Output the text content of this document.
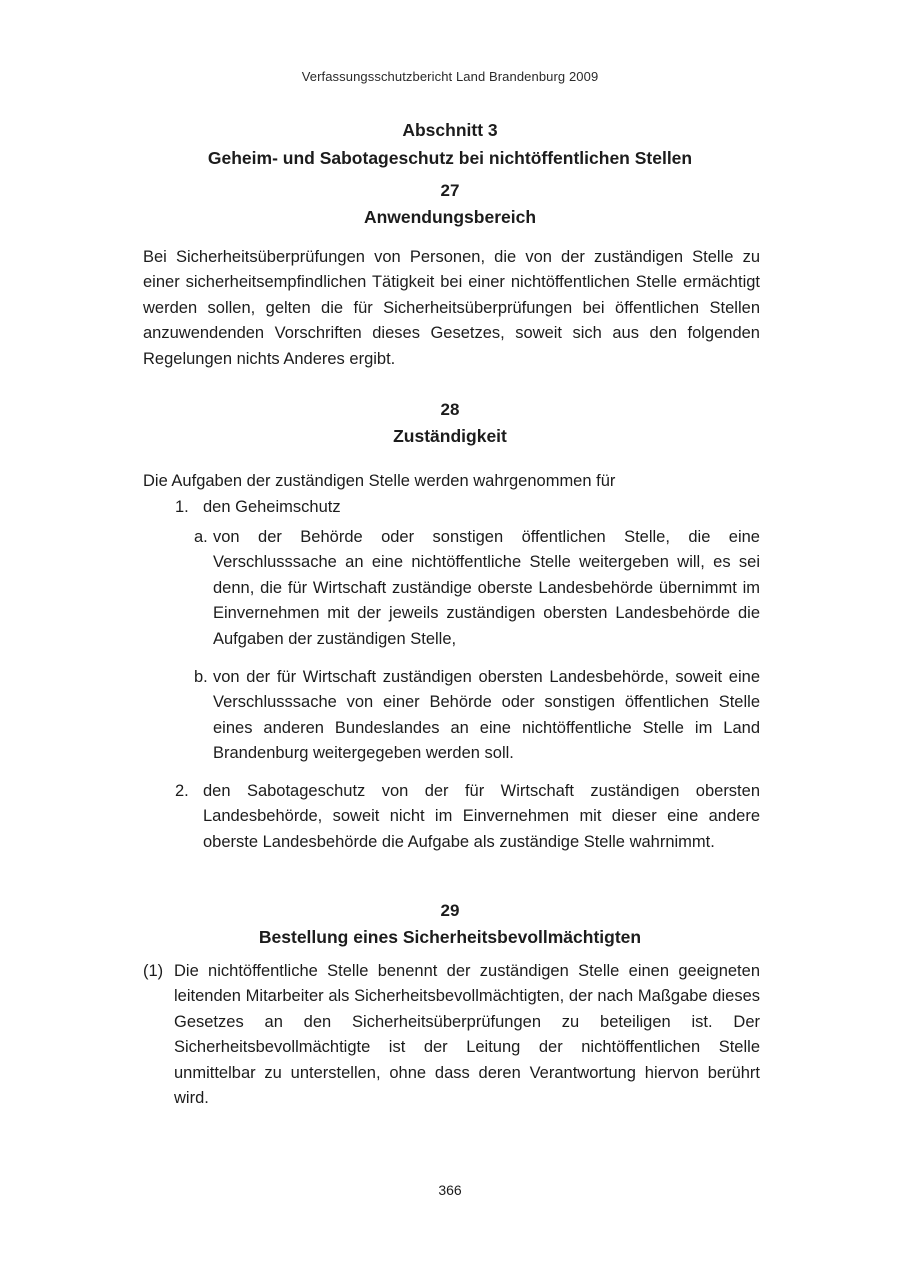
Verfassungsschutzbericht Land Brandenburg 2009
Abschnitt 3
Geheim- und Sabotageschutz bei nichtöffentlichen Stellen
27
Anwendungsbereich
Bei Sicherheitsüberprüfungen von Personen, die von der zuständigen Stelle zu einer sicherheitsempfindlichen Tätigkeit bei einer nichtöffentlichen Stelle ermächtigt werden sollen, gelten die für Sicherheitsüberprüfungen bei öffentlichen Stellen anzuwendenden Vorschriften dieses Gesetzes, soweit sich aus den folgenden Regelungen nichts Anderes ergibt.
28
Zuständigkeit
Die Aufgaben der zuständigen Stelle werden wahrgenommen für
1. den Geheimschutz
a. von der Behörde oder sonstigen öffentlichen Stelle, die eine Verschlusssache an eine nichtöffentliche Stelle weitergeben will, es sei denn, die für Wirtschaft zuständige oberste Landesbehörde übernimmt im Einvernehmen mit der jeweils zuständigen obersten Landesbehörde die Aufgaben der zuständigen Stelle,
b. von der für Wirtschaft zuständigen obersten Landesbehörde, soweit eine Verschlusssache von einer Behörde oder sonstigen öffentlichen Stelle eines anderen Bundeslandes an eine nichtöffentliche Stelle im Land Brandenburg weitergegeben werden soll.
2. den Sabotageschutz von der für Wirtschaft zuständigen obersten Landesbehörde, soweit nicht im Einvernehmen mit dieser eine andere oberste Landesbehörde die Aufgabe als zuständige Stelle wahrnimmt.
29
Bestellung eines Sicherheitsbevollmächtigten
(1) Die nichtöffentliche Stelle benennt der zuständigen Stelle einen geeigneten leitenden Mitarbeiter als Sicherheitsbevollmächtigten, der nach Maßgabe dieses Gesetzes an den Sicherheitsüberprüfungen zu beteiligen ist. Der Sicherheitsbevollmächtigte ist der Leitung der nichtöffentlichen Stelle unmittelbar zu unterstellen, ohne dass deren Verantwortung hiervon berührt wird.
366
